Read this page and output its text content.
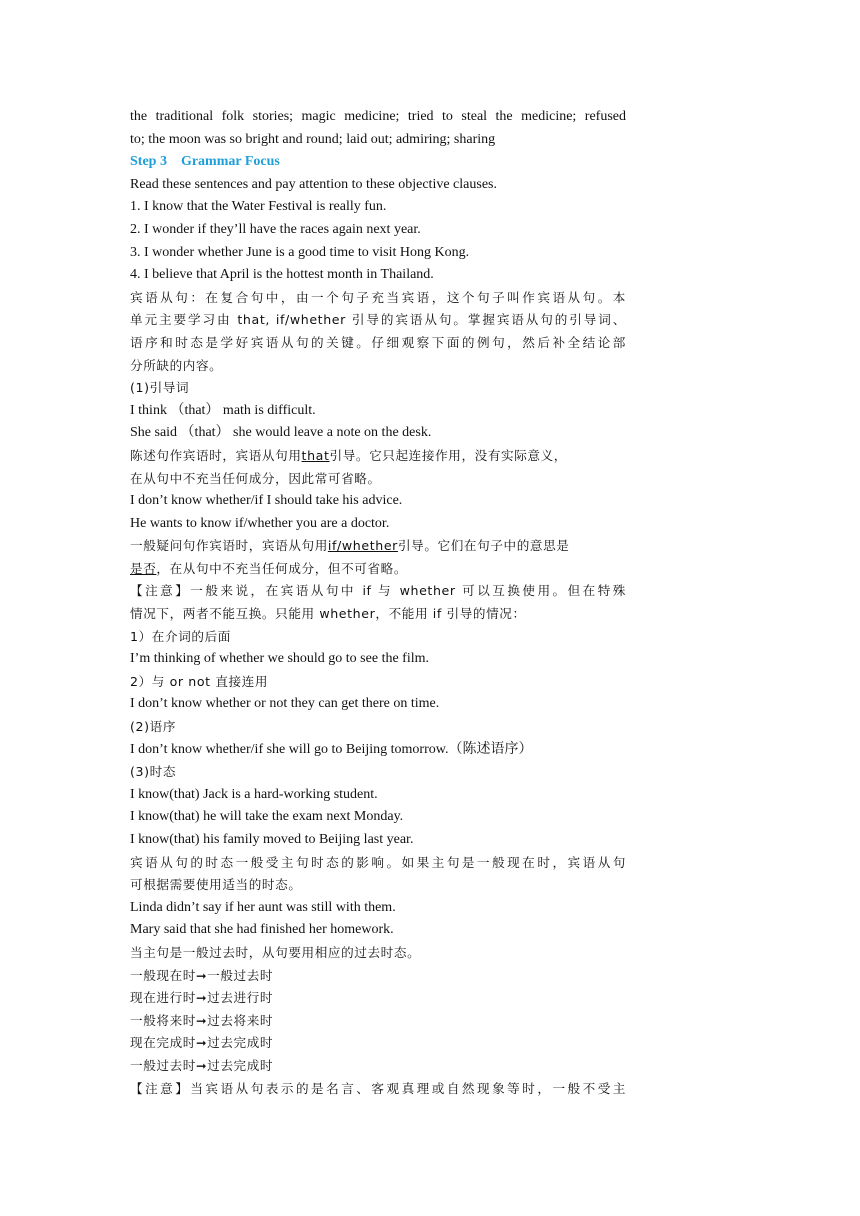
the traditional folk stories; magic medicine; tried to steal the medicine; refused
to; the moon was so bright and round; laid out; admiring; sharing
Step 3 Grammar Focus
Read these sentences and pay attention to these objective clauses.
1. I know that the Water Festival is really fun.
2. I wonder if they’ll have the races again next year.
3. I wonder whether June is a good time to visit Hong Kong.
4. I believe that April is the hottest month in Thailand.
宾语从句：在复合句中，由一个句子充当宾语，这个句子叫作宾语从句。本
单元主要学习由 that, if/whether 引导的宾语从句。掌握宾语从句的引导词、
语序和时态是学好宾语从句的关键。仔细观察下面的例句，然后补全结论部
分所缺的内容。
(1)引导词
I think （that） math is difficult.
She said （that） she would leave a note on the desk.
陈述句作宾语时，宾语从句用that引导。它只起连接作用，没有实际意义，
在从句中不充当任何成分，因此常可省略。
I don’t know whether/if I should take his advice.
He wants to know if/whether you are a doctor.
一般疑问句作宾语时，宾语从句用if/whether引导。它们在句子中的意思是
是否，在从句中不充当任何成分，但不可省略。
【注意】一般来说，在宾语从句中 if 与 whether 可以互换使用。但在特殊
情况下，两者不能互换。只能用 whether，不能用 if 引导的情况：
1）在介词的后面
I’m thinking of whether we should go to see the film.
2）与 or not 直接连用
I don’t know whether or not they can get there on time.
(2)语序
I don’t know whether/if she will go to Beijing tomorrow.（陈述语序）
(3)时态
I know(that) Jack is a hard-working student.
I know(that) he will take the exam next Monday.
I know(that) his family moved to Beijing last year.
宾语从句的时态一般受主句时态的影响。如果主句是一般现在时，宾语从句
可根据需要使用适当的时态。
Linda didn’t say if her aunt was still with them.
Mary said that she had finished her homework.
当主句是一般过去时，从句要用相应的过去时态。
一般现在时➞一般过去时
现在进行时➞过去进行时
一般将来时➞过去将来时
现在完成时➞过去完成时
一般过去时➞过去完成时
【注意】当宾语从句表示的是名言、客观真理或自然现象等时，一般不受主
